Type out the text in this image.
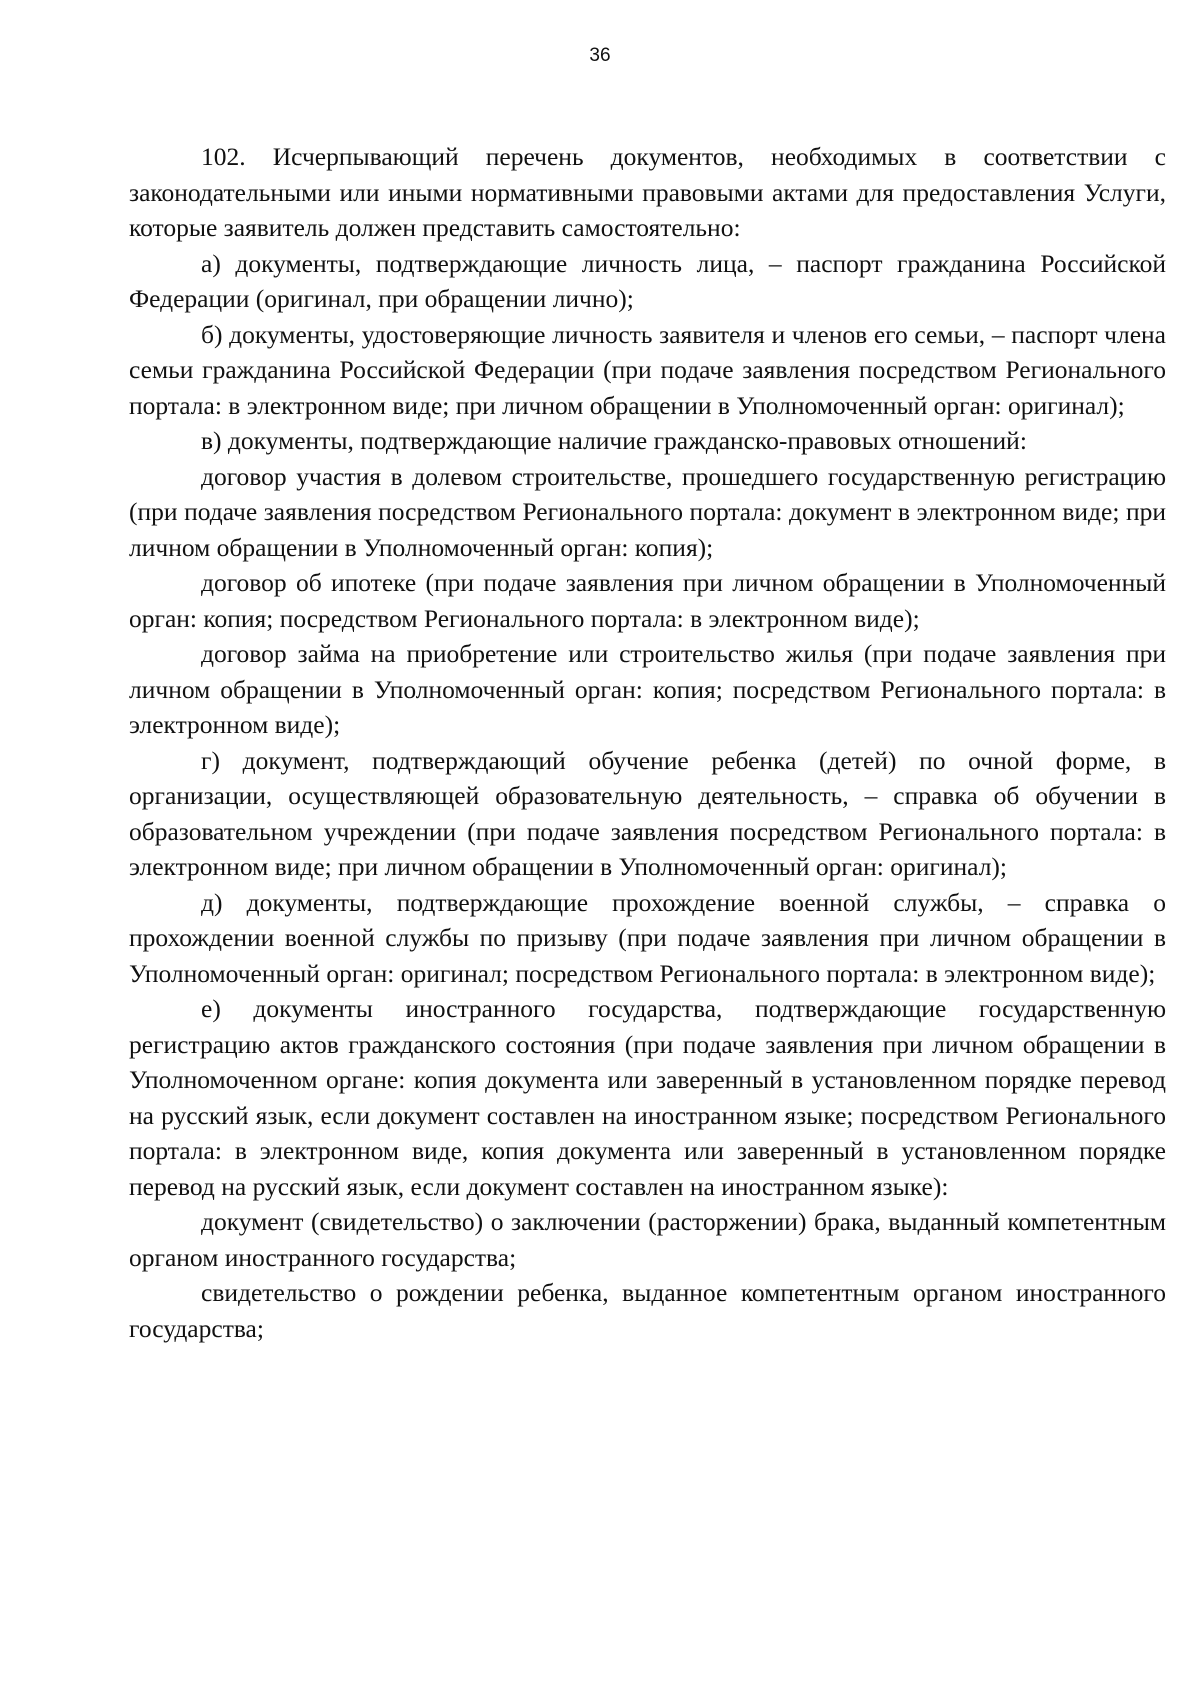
36

102. Исчерпывающий перечень документов, необходимых в соответствии с законодательными или иными нормативными правовыми актами для предоставления Услуги, которые заявитель должен представить самостоятельно:

а) документы, подтверждающие личность лица, – паспорт гражданина Российской Федерации (оригинал, при обращении лично);

б) документы, удостоверяющие личность заявителя и членов его семьи, – паспорт члена семьи гражданина Российской Федерации (при подаче заявления посредством Регионального портала: в электронном виде; при личном обращении в Уполномоченный орган: оригинал);

в) документы, подтверждающие наличие гражданско-правовых отношений:

договор участия в долевом строительстве, прошедшего государственную регистрацию (при подаче заявления посредством Регионального портала: документ в электронном виде; при личном обращении в Уполномоченный орган: копия);

договор об ипотеке (при подаче заявления при личном обращении в Уполномоченный орган: копия; посредством Регионального портала: в электронном виде);

договор займа на приобретение или строительство жилья (при подаче заявления при личном обращении в Уполномоченный орган: копия; посредством Регионального портала: в электронном виде);

г) документ, подтверждающий обучение ребенка (детей) по очной форме, в организации, осуществляющей образовательную деятельность, – справка об обучении в образовательном учреждении (при подаче заявления посредством Регионального портала: в электронном виде; при личном обращении в Уполномоченный орган: оригинал);

д) документы, подтверждающие прохождение военной службы, – справка о прохождении военной службы по призыву (при подаче заявления при личном обращении в Уполномоченный орган: оригинал; посредством Регионального портала: в электронном виде);

е) документы иностранного государства, подтверждающие государственную регистрацию актов гражданского состояния (при подаче заявления при личном обращении в Уполномоченном органе: копия документа или заверенный в установленном порядке перевод на русский язык, если документ составлен на иностранном языке; посредством Регионального портала: в электронном виде, копия документа или заверенный в установленном порядке перевод на русский язык, если документ составлен на иностранном языке):

документ (свидетельство) о заключении (расторжении) брака, выданный компетентным органом иностранного государства;

свидетельство о рождении ребенка, выданное компетентным органом иностранного государства;
